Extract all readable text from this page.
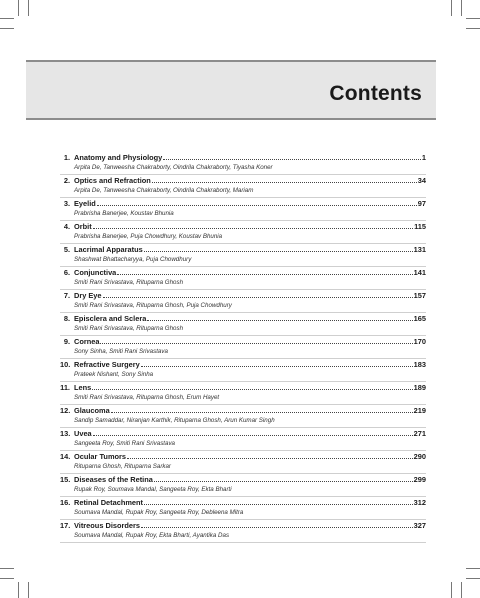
Contents
1. Anatomy and Physiology	1
Arpita De, Tanweesha Chakraborty, Oindrila Chakraborty, Tiyasha Koner
2. Optics and Refraction	34
Arpita De, Tanweesha Chakraborty, Oindrila Chakraborty, Mariam
3. Eyelid	97
Prabrisha Banerjee, Koustav Bhunia
4. Orbit	115
Prabrisha Banerjee, Puja Chowdhury, Koustav Bhunia
5. Lacrimal Apparatus	131
Shashwat Bhattacharyya, Puja Chowdhury
6. Conjunctiva	141
Smiti Rani Srivastava, Rituparna Ghosh
7. Dry Eye	157
Smiti Rani Srivastava, Rituparna Ghosh, Puja Chowdhury
8. Episclera and Sclera	165
Smiti Rani Srivastava, Rituparna Ghosh
9. Cornea	170
Sony Sinha, Smiti Rani Srivastava
10. Refractive Surgery	183
Prateek Nishant, Sony Sinha
11. Lens	189
Smiti Rani Srivastava, Rituparna Ghosh, Erum Hayet
12. Glaucoma	219
Sandip Samaddar, Niranjan Karthik, Rituparna Ghosh, Arun Kumar Singh
13. Uvea	271
Sangeeta Roy, Smiti Rani Srivastava
14. Ocular Tumors	290
Rituparna Ghosh, Rituparna Sarkar
15. Diseases of the Retina	299
Rupak Roy, Soumava Mandal, Sangeeta Roy, Ekta Bharti
16. Retinal Detachment	312
Soumava Mandal, Rupak Roy, Sangeeta Roy, Debleena Mitra
17. Vitreous Disorders	327
Soumava Mandal, Rupak Roy, Ekta Bharti, Ayantika Das
